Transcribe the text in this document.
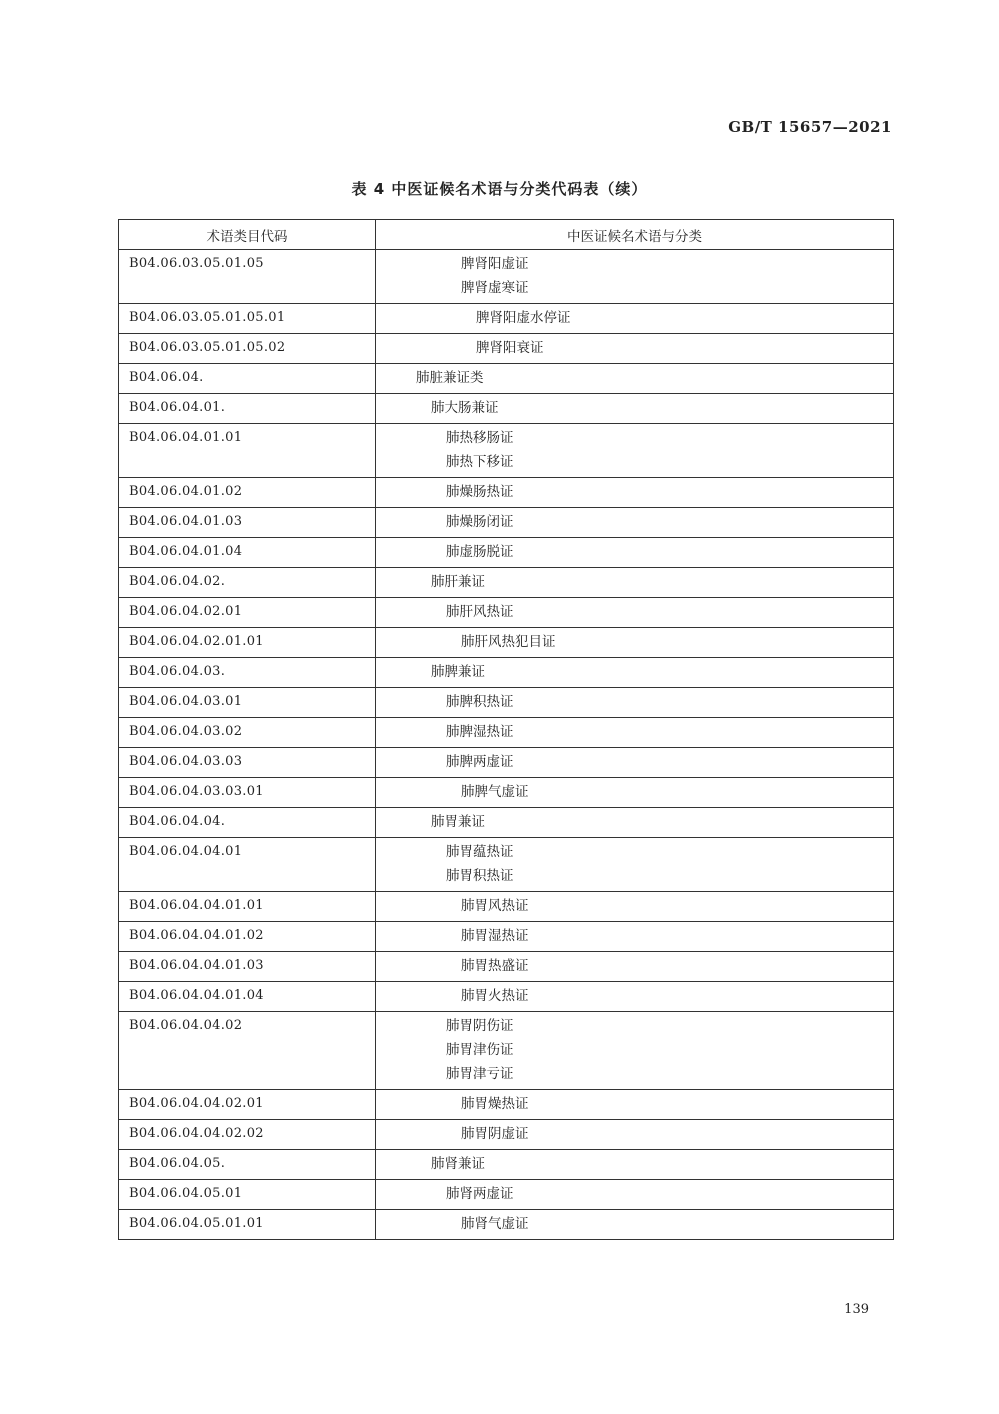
GB/T 15657—2021
表 4 中医证候名术语与分类代码表（续）
术语类目代码	中医证候名术语与分类
B04.06.03.05.01.05	脾肾阳虚证
脾肾虚寒证

B04.06.03.05.01.05.01	脾肾阳虚水停证

B04.06.03.05.01.05.02	脾肾阳衰证

B04.06.04.	肺脏兼证类

B04.06.04.01.	肺大肠兼证

B04.06.04.01.01	肺热移肠证
肺热下移证

B04.06.04.01.02	肺燥肠热证

B04.06.04.01.03	肺燥肠闭证

B04.06.04.01.04	肺虚肠脱证

B04.06.04.02.	肺肝兼证

B04.06.04.02.01	肺肝风热证

B04.06.04.02.01.01	肺肝风热犯目证

B04.06.04.03.	肺脾兼证

B04.06.04.03.01	肺脾积热证

B04.06.04.03.02	肺脾湿热证

B04.06.04.03.03	肺脾两虚证

B04.06.04.03.03.01	肺脾气虚证

B04.06.04.04.	肺胃兼证

B04.06.04.04.01	肺胃蕴热证
肺胃积热证

B04.06.04.04.01.01	肺胃风热证

B04.06.04.04.01.02	肺胃湿热证

B04.06.04.04.01.03	肺胃热盛证

B04.06.04.04.01.04	肺胃火热证

B04.06.04.04.02	肺胃阴伤证
肺胃津伤证
肺胃津亏证

B04.06.04.04.02.01	肺胃燥热证

B04.06.04.04.02.02	肺胃阴虚证

B04.06.04.05.	肺肾兼证

B04.06.04.05.01	肺肾两虚证

B04.06.04.05.01.01	肺肾气虚证
139
